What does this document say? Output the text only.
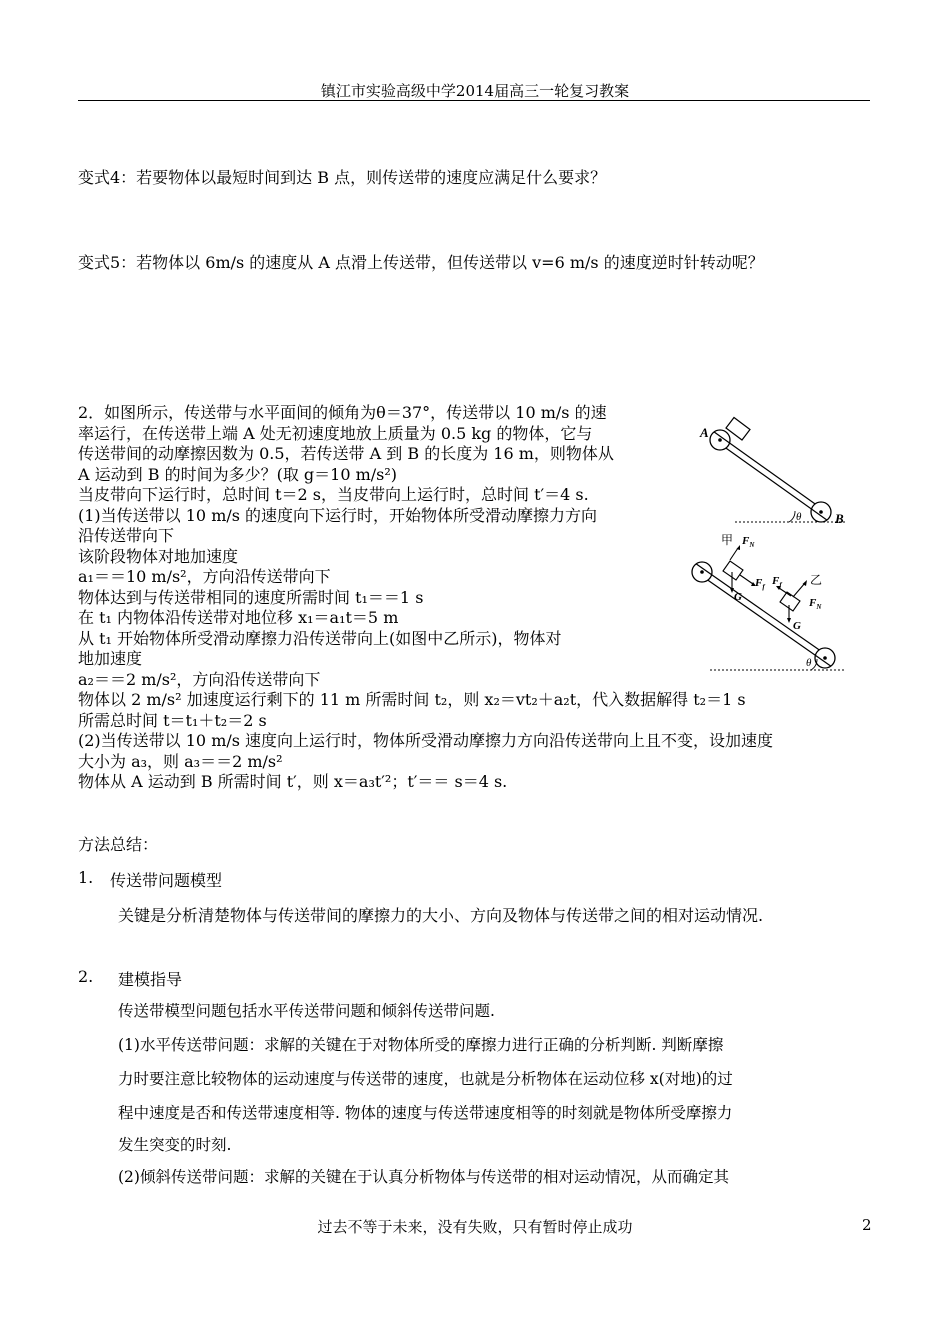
镇江市实验高级中学2014届高三一轮复习教案
变式4：若要物体以最短时间到达 B 点，则传送带的速度应满足什么要求？
变式5：若物体以 6m/s 的速度从 A 点滑上传送带，但传送带以 v=6 m/s 的速度逆时针转动呢？
2．如图所示，传送带与水平面间的倾角为θ＝37°，传送带以 10 m/s 的速
率运行，在传送带上端 A 处无初速度地放上质量为 0.5 kg 的物体，它与
传送带间的动摩擦因数为 0.5，若传送带 A 到 B 的长度为 16 m，则物体从
A 运动到 B 的时间为多少？(取 g＝10 m/s²)
当皮带向下运行时，总时间 t＝2 s，当皮带向上运行时，总时间 t′＝4 s.
(1)当传送带以 10 m/s 的速度向下运行时，开始物体所受滑动摩擦力方向
沿传送带向下
该阶段物体对地加速度
a₁＝＝10 m/s²，方向沿传送带向下
物体达到与传送带相同的速度所需时间 t₁＝＝1 s
在 t₁ 内物体沿传送带对地位移 x₁＝a₁t＝5 m
从 t₁ 开始物体所受滑动摩擦力沿传送带向上(如图中乙所示)，物体对
地加速度
a₂＝＝2 m/s²，方向沿传送带向下
物体以 2 m/s² 加速度运行剩下的 11 m 所需时间 t₂，则 x₂＝vt₂＋a₂t，代入数据解得 t₂＝1 s
所需总时间 t＝t₁＋t₂＝2 s
(2)当传送带以 10 m/s 速度向上运行时，物体所受滑动摩擦力方向沿传送带向上且不变，设加速度
大小为 a₃，则 a₃＝＝2 m/s²
物体从 A 运动到 B 所需时间 t′，则 x＝a₃t′²；t′＝＝ s＝4 s.
A
B
θ
甲 $F_N$
$F_f$
G
乙
$F_f$
$F_N$
G
θ
方法总结：
1. 传送带问题模型
关键是分析清楚物体与传送带间的摩擦力的大小、方向及物体与传送带之间的相对运动情况.
2. 建模指导
传送带模型问题包括水平传送带问题和倾斜传送带问题.
(1)水平传送带问题：求解的关键在于对物体所受的摩擦力进行正确的分析判断. 判断摩擦
力时要注意比较物体的运动速度与传送带的速度，也就是分析物体在运动位移 x(对地)的过
程中速度是否和传送带速度相等. 物体的速度与传送带速度相等的时刻就是物体所受摩擦力
发生突变的时刻.
(2)倾斜传送带问题：求解的关键在于认真分析物体与传送带的相对运动情况，从而确定其
过去不等于未来，没有失败，只有暂时停止成功	2
